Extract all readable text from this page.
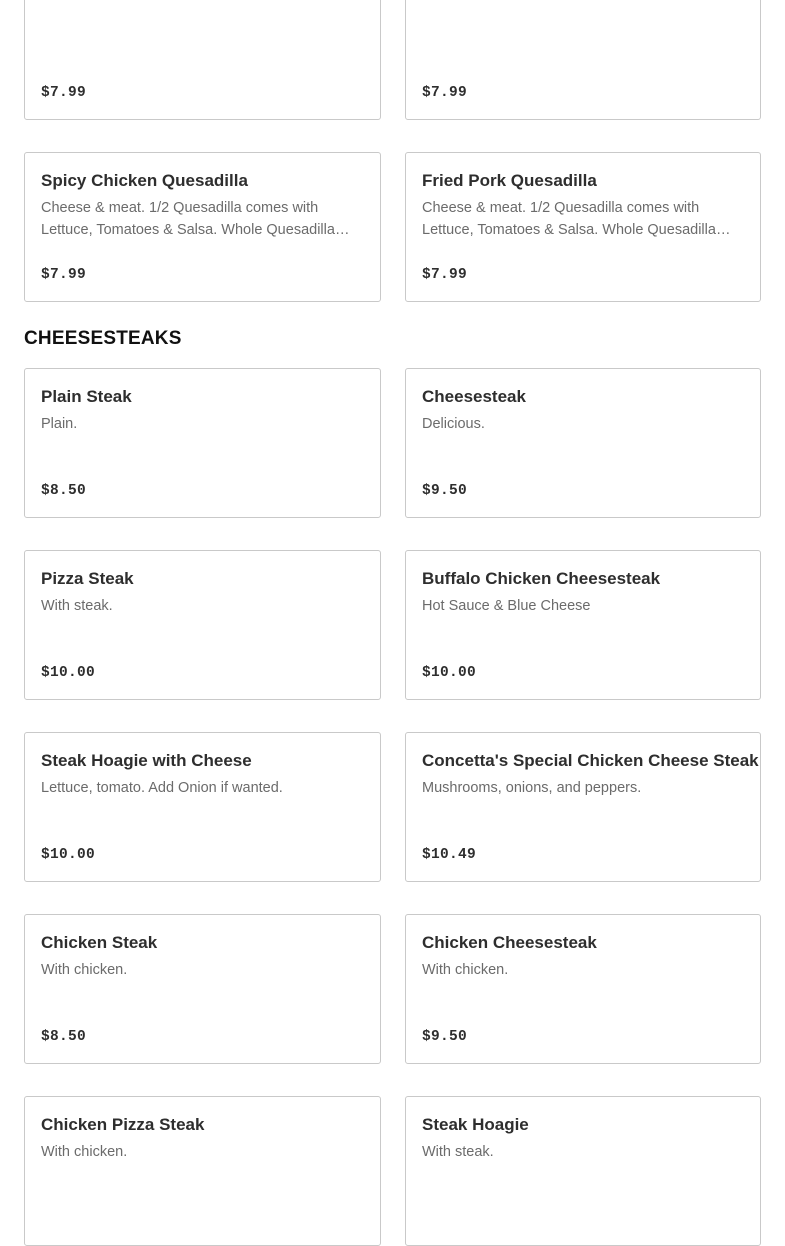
$7.99	$7.99
Spicy Chicken Quesadilla
Cheese & meat. 1/2 Quesadilla comes with Lettuce, Tomatoes & Salsa. Whole Quesadilla
$7.99
Fried Pork Quesadilla
Cheese & meat. 1/2 Quesadilla comes with Lettuce, Tomatoes & Salsa. Whole Quesadilla
$7.99
CHEESESTEAKS
Plain Steak
Plain.
$8.50
Cheesesteak
Delicious.
$9.50
Pizza Steak
With steak.
$10.00
Buffalo Chicken Cheesesteak
Hot Sauce & Blue Cheese
$10.00
Steak Hoagie with Cheese
Lettuce, tomato. Add Onion if wanted.
$10.00
Concetta's Special Chicken Cheese Steak
Mushrooms, onions, and peppers.
$10.49
Chicken Steak
With chicken.
$8.50
Chicken Cheesesteak
With chicken.
$9.50
Chicken Pizza Steak
With chicken.
Steak Hoagie
With steak.
